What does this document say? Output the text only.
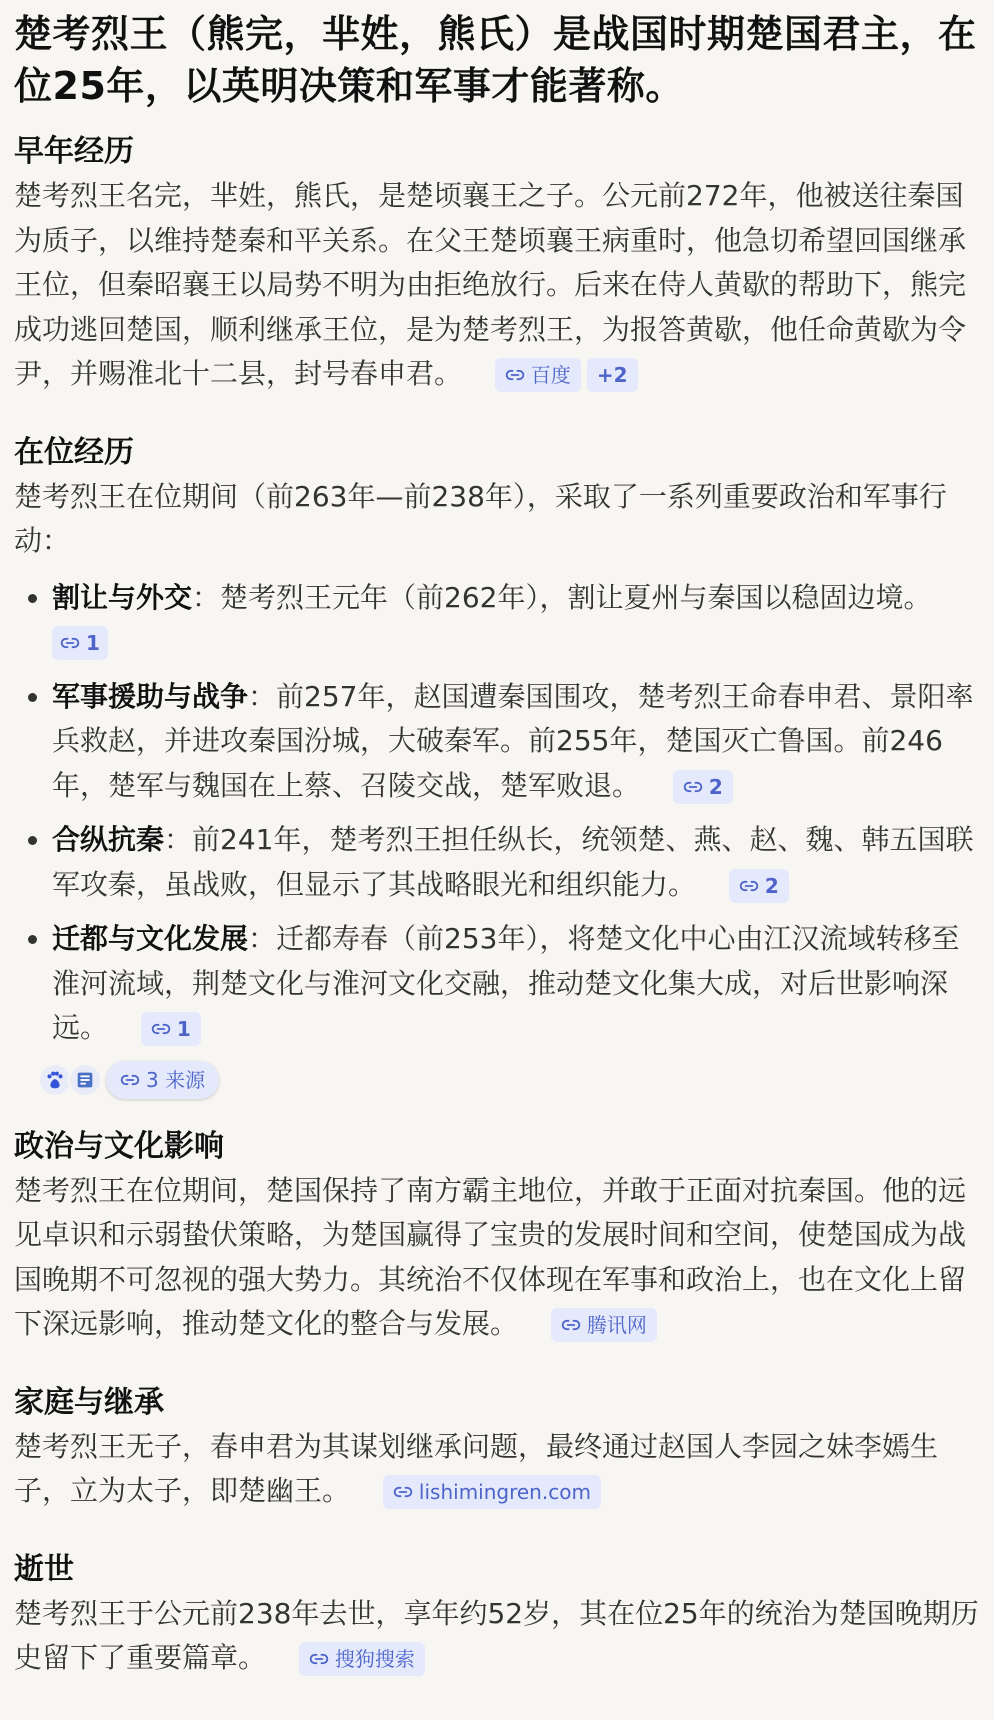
楚考烈王（熊完，芈姓，熊氏）是战国时期楚国君主，在位25年，以英明决策和军事才能著称。
早年经历

楚考烈王名完，芈姓，熊氏，是楚顷襄王之子。公元前272年，他被送往秦国为质子，以维持楚秦和平关系。在父王楚顷襄王病重时，他急切希望回国继承王位，但秦昭襄王以局势不明为由拒绝放行。后来在侍人黄歇的帮助下，熊完成功逃回楚国，顺利继承王位，是为楚考烈王，为报答黄歇，他任命黄歇为令尹，并赐淮北十二县，封号春申君。	百度 +2

在位经历

楚考烈王在位期间（前263年—前238年），采取了一系列重要政治和军事行动：

• 割让与外交：楚考烈王元年（前262年），割让夏州与秦国以稳固边境。

1
• 军事援助与战争：前257年，赵国遭秦国围攻，楚考烈王命春申君、景阳率兵救赵，并进攻秦国汾城，大破秦军。前255年，楚国灭亡鲁国。前246年，楚军与魏国在上蔡、召陵交战，楚军败退。	2
• 合纵抗秦：前241年，楚考烈王担任纵长，统领楚、燕、赵、魏、韩五国联军攻秦，虽战败，但显示了其战略眼光和组织能力。	2
• 迁都与文化发展：迁都寿春（前253年），将楚文化中心由江汉流域转移至淮河流域，荆楚文化与淮河文化交融，推动楚文化集大成，对后世影响深远。	1
3 来源
政治与文化影响

楚考烈王在位期间，楚国保持了南方霸主地位，并敢于正面对抗秦国。他的远见卓识和示弱蛰伏策略，为楚国赢得了宝贵的发展时间和空间，使楚国成为战国晚期不可忽视的强大势力。其统治不仅体现在军事和政治上，也在文化上留下深远影响，推动楚文化的整合与发展。	腾讯网

家庭与继承

楚考烈王无子，春申君为其谋划继承问题，最终通过赵国人李园之妹李嫣生子，立为太子，即楚幽王。	lishimingren.com

逝世

楚考烈王于公元前238年去世，享年约52岁，其在位25年的统治为楚国晚期历史留下了重要篇章。	搜狗搜索
